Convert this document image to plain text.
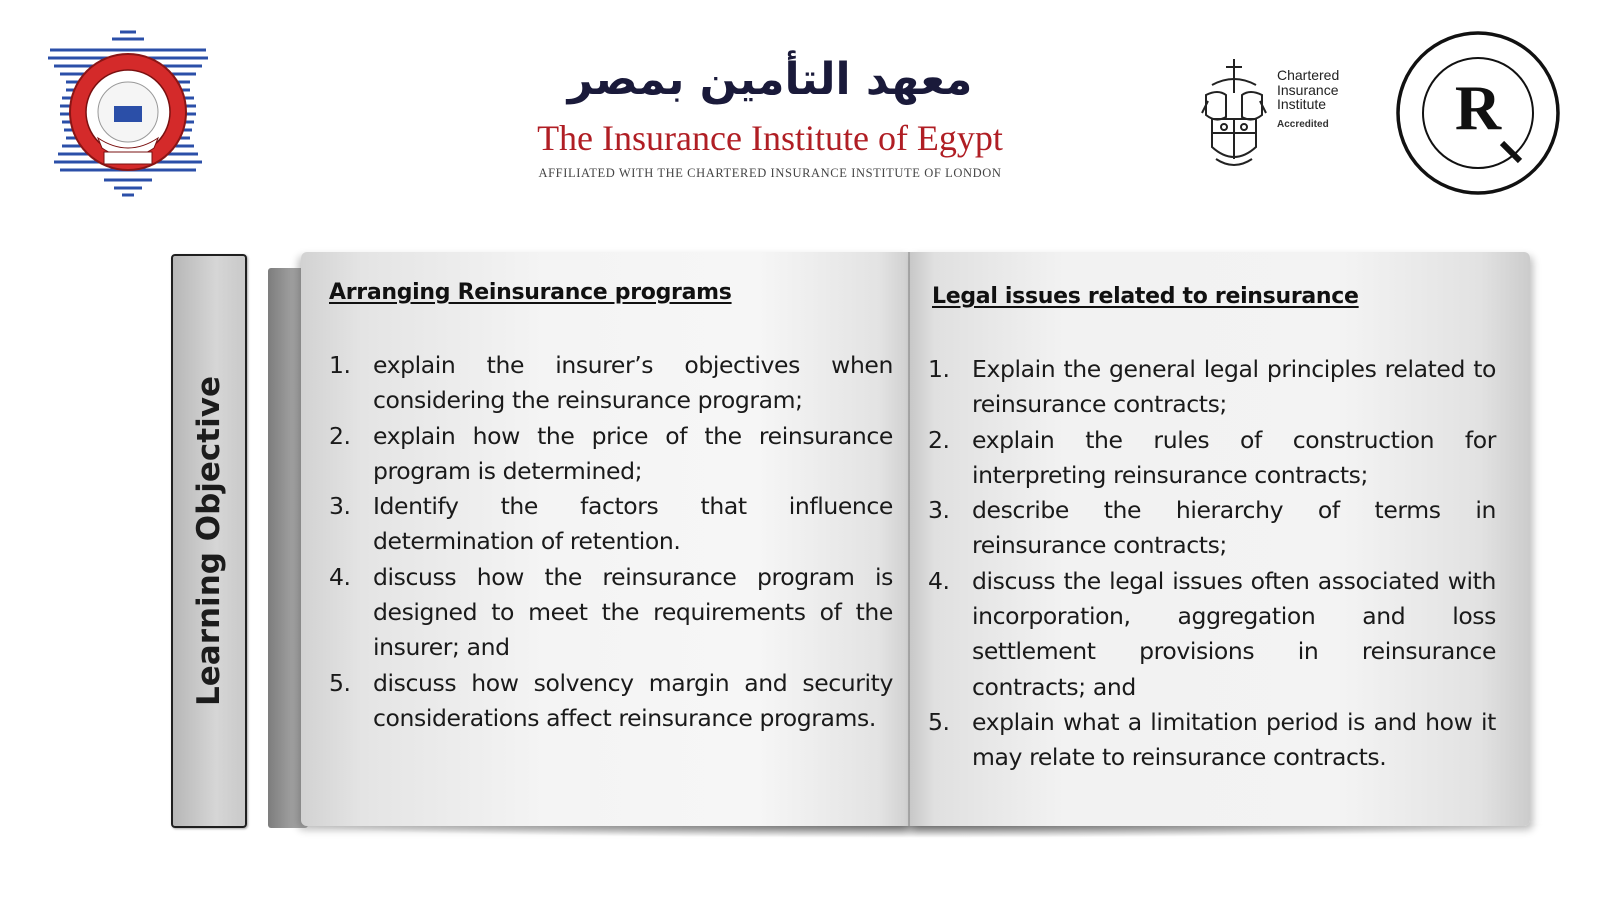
معهد التأمين بمصر
The Insurance Institute of Egypt
AFFILIATED WITH THE CHARTERED INSURANCE INSTITUTE OF LONDON
Chartered
Insurance
Institute
Accredited R
Learning Objective
Arranging Reinsurance programs
1. explain the insurer’s objectives when considering the reinsurance program;
2. explain how the price of the reinsurance program is determined;
3. Identify the factors that influence determination of retention.
4. discuss how the reinsurance program is designed to meet the requirements of the insurer; and
5. discuss how solvency margin and security considerations affect reinsurance programs.
Legal issues related to reinsurance
1. Explain the general legal principles related to reinsurance contracts;
2. explain the rules of construction for interpreting reinsurance contracts;
3. describe the hierarchy of terms in reinsurance contracts;
4. discuss the legal issues often associated with incorporation, aggregation and loss settlement provisions in reinsurance contracts; and
5. explain what a limitation period is and how it may relate to reinsurance contracts.
